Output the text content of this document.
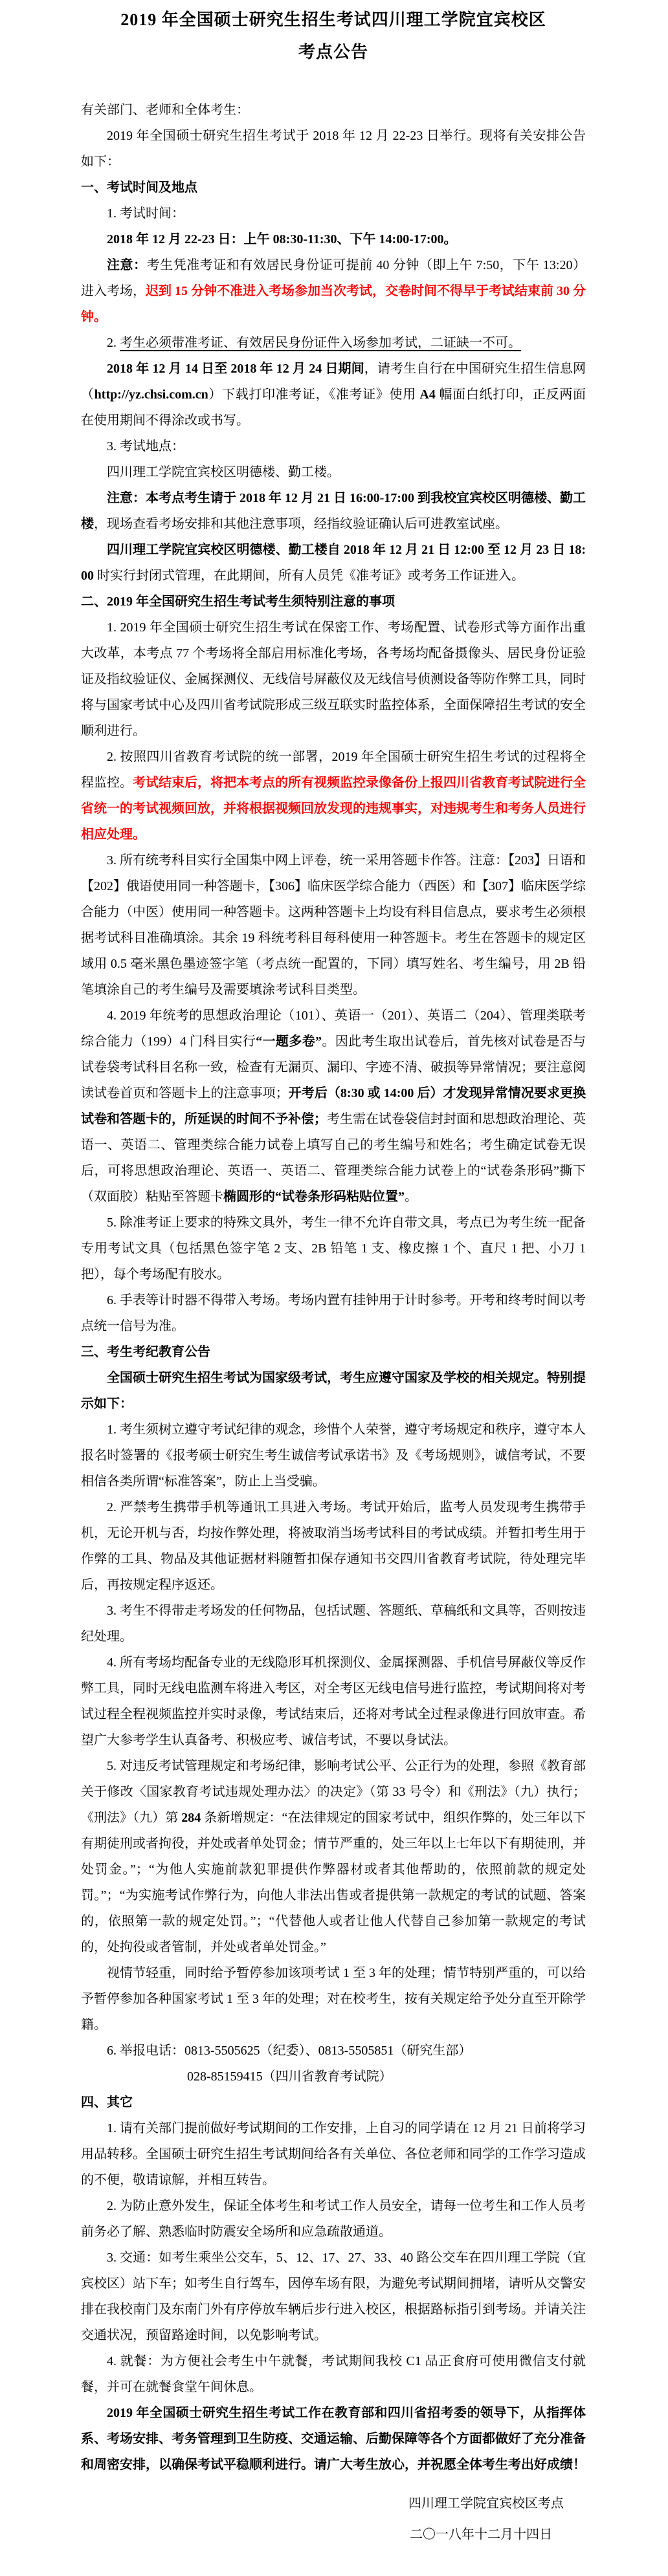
2019 年全国硕士研究生招生考试四川理工学院宜宾校区
考点公告

有关部门、老师和全体考生：

2019 年全国硕士研究生招生考试于 2018 年 12 月 22-23 日举行。现将有关安排公告如下：

一、考试时间及地点

1. 考试时间：

2018 年 12 月 22-23 日：上午 08:30-11:30、下午 14:00-17:00。

注意：考生凭准考证和有效居民身份证可提前 40 分钟（即上午 7:50，下午 13:20）进入考场，迟到 15 分钟不准进入考场参加当次考试，交卷时间不得早于考试结束前 30 分钟。

2. 考生必须带准考证、有效居民身份证件入场参加考试，二证缺一不可。

2018 年 12 月 14 日至 2018 年 12 月 24 日期间，请考生自行在中国研究生招生信息网（http://yz.chsi.com.cn）下载打印准考证，《准考证》使用 A4 幅面白纸打印，正反两面在使用期间不得涂改或书写。

3. 考试地点：

四川理工学院宜宾校区明德楼、勤工楼。

注意：本考点考生请于 2018 年 12 月 21 日 16:00-17:00 到我校宜宾校区明德楼、勤工楼，现场查看考场安排和其他注意事项，经指纹验证确认后可进教室试座。

四川理工学院宜宾校区明德楼、勤工楼自 2018 年 12 月 21 日 12:00 至 12 月 23 日 18:00 时实行封闭式管理，在此期间，所有人员凭《准考证》或考务工作证进入。

二、2019 年全国研究生招生考试考生须特别注意的事项

1. 2019 年全国硕士研究生招生考试在保密工作、考场配置、试卷形式等方面作出重大改革，本考点 77 个考场将全部启用标准化考场，各考场均配备摄像头、居民身份证验证及指纹验证仪、金属探测仪、无线信号屏蔽仪及无线信号侦测设备等防作弊工具，同时将与国家考试中心及四川省考试院形成三级互联实时监控体系，全面保障招生考试的安全顺利进行。

2. 按照四川省教育考试院的统一部署，2019 年全国硕士研究生招生考试的过程将全程监控。考试结束后，将把本考点的所有视频监控录像备份上报四川省教育考试院进行全省统一的考试视频回放，并将根据视频回放发现的违规事实，对违规考生和考务人员进行相应处理。

3. 所有统考科目实行全国集中网上评卷，统一采用答题卡作答。注意：【203】日语和【202】俄语使用同一种答题卡，【306】临床医学综合能力（西医）和【307】临床医学综合能力（中医）使用同一种答题卡。这两种答题卡上均设有科目信息点，要求考生必须根据考试科目准确填涂。其余 19 科统考科目每科使用一种答题卡。考生在答题卡的规定区域用 0.5 毫米黑色墨迹签字笔（考点统一配置的，下同）填写姓名、考生编号，用 2B 铅笔填涂自己的考生编号及需要填涂考试科目类型。

4. 2019 年统考的思想政治理论（101）、英语一（201）、英语二（204）、管理类联考综合能力（199）4 门科目实行“一题多卷”。因此考生取出试卷后，首先核对试卷是否与试卷袋考试科目名称一致，检查有无漏页、漏印、字迹不清、破损等异常情况；要注意阅读试卷首页和答题卡上的注意事项；开考后（8:30 或 14:00 后）才发现异常情况要求更换试卷和答题卡的，所延误的时间不予补偿；考生需在试卷袋信封封面和思想政治理论、英语一、英语二、管理类综合能力试卷上填写自己的考生编号和姓名；考生确定试卷无误后，可将思想政治理论、英语一、英语二、管理类综合能力试卷上的“试卷条形码”撕下（双面胶）粘贴至答题卡椭圆形的“试卷条形码粘贴位置”。

5. 除准考证上要求的特殊文具外，考生一律不允许自带文具，考点已为考生统一配备专用考试文具（包括黑色签字笔 2 支、2B 铅笔 1 支、橡皮擦 1 个、直尺 1 把、小刀 1 把），每个考场配有胶水。

6. 手表等计时器不得带入考场。考场内置有挂钟用于计时参考。开考和终考时间以考点统一信号为准。

三、考生考纪教育公告

全国硕士研究生招生考试为国家级考试，考生应遵守国家及学校的相关规定。特别提示如下：

1. 考生须树立遵守考试纪律的观念，珍惜个人荣誉，遵守考场规定和秩序，遵守本人报名时签署的《报考硕士研究生考生诚信考试承诺书》及《考场规则》，诚信考试，不要相信各类所谓“标准答案”，防止上当受骗。

2. 严禁考生携带手机等通讯工具进入考场。考试开始后，监考人员发现考生携带手机，无论开机与否，均按作弊处理，将被取消当场考试科目的考试成绩。并暂扣考生用于作弊的工具、物品及其他证据材料随暂扣保存通知书交四川省教育考试院，待处理完毕后，再按规定程序返还。

3. 考生不得带走考场发的任何物品，包括试题、答题纸、草稿纸和文具等，否则按违纪处理。

4. 所有考场均配备专业的无线隐形耳机探测仪、金属探测器、手机信号屏蔽仪等反作弊工具，同时无线电监测车将进入考区，对全考区无线电信号进行监控，考试期间将对考试过程全程视频监控并实时录像，考试结束后，还将对考试全过程录像进行回放审查。希望广大参考学生认真备考、积极应考、诚信考试，不要以身试法。

5. 对违反考试管理规定和考场纪律，影响考试公平、公正行为的处理，参照《教育部关于修改〈国家教育考试违规处理办法〉的决定》（第 33 号令）和《刑法》（九）执行；《刑法》（九）第 284 条新增规定：“在法律规定的国家考试中，组织作弊的，处三年以下有期徒刑或者拘役，并处或者单处罚金；情节严重的，处三年以上七年以下有期徒刑，并处罚金。”；“为他人实施前款犯罪提供作弊器材或者其他帮助的，依照前款的规定处罚。”；“为实施考试作弊行为，向他人非法出售或者提供第一款规定的考试的试题、答案的，依照第一款的规定处罚。”；“代替他人或者让他人代替自己参加第一款规定的考试的，处拘役或者管制，并处或者单处罚金。”

视情节轻重，同时给予暂停参加该项考试 1 至 3 年的处理；情节特别严重的，可以给予暂停参加各种国家考试 1 至 3 年的处理；对在校考生，按有关规定给予处分直至开除学籍。

6. 举报电话：0813-5505625（纪委）、0813-5505851（研究生部）

028-85159415（四川省教育考试院）

四、其它

1. 请有关部门提前做好考试期间的工作安排，上自习的同学请在 12 月 21 日前将学习用品转移。全国硕士研究生招生考试期间给各有关单位、各位老师和同学的工作学习造成的不便，敬请谅解，并相互转告。

2. 为防止意外发生，保证全体考生和考试工作人员安全，请每一位考生和工作人员考前务必了解、熟悉临时防震安全场所和应急疏散通道。

3. 交通：如考生乘坐公交车，5、12、17、27、33、40 路公交车在四川理工学院（宜宾校区）站下车；如考生自行驾车，因停车场有限，为避免考试期间拥堵，请听从交警安排在我校南门及东南门外有序停放车辆后步行进入校区，根据路标指引到考场。并请关注交通状况，预留路途时间，以免影响考试。

4. 就餐：为方便社会考生中午就餐，考试期间我校 C1 品正食府可使用微信支付就餐，并可在就餐食堂午间休息。

2019 年全国硕士研究生招生考试工作在教育部和四川省招考委的领导下，从指挥体系、考场安排、考务管理到卫生防疫、交通运输、后勤保障等各个方面都做好了充分准备和周密安排，以确保考试平稳顺利进行。请广大考生放心，并祝愿全体考生考出好成绩！

四川理工学院宜宾校区考点

二〇一八年十二月十四日
